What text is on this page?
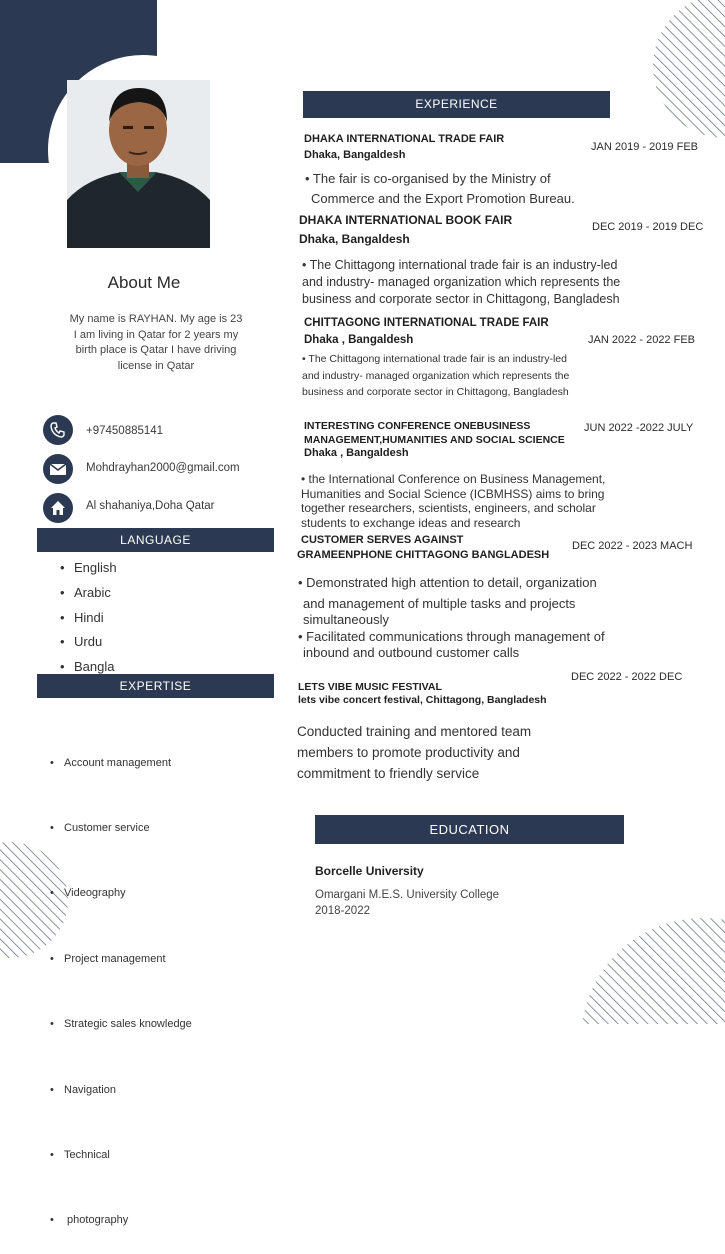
About Me
My name is RAYHAN. My age is 23
I am living in Qatar for 2 years my
birth place is Qatar I have driving
license in Qatar
+97450885141
Mohdrayhan2000@gmail.com
Al shahaniya,Doha Qatar
LANGUAGE
• English
• Arabic
• Hindi
• Urdu
• Bangla
EXPERTISE

• Account management

• Customer service

• Videography

• Project management

• Strategic sales knowledge

• Navigation

• Technical

•  photography

EXPERIENCE
DHAKA INTERNATIONAL TRADE FAIR
Dhaka, Bangaldesh
JAN 2019 - 2019 FEB
• The fair is co-organised by the Ministry of
Commerce and the Export Promotion Bureau.
DHAKA INTERNATIONAL BOOK FAIR
Dhaka, Bangaldesh
DEC 2019 - 2019 DEC
• The Chittagong international trade fair is an industry-led
and industry- managed organization which represents the
business and corporate sector in Chittagong, Bangladesh
CHITTAGONG INTERNATIONAL TRADE FAIR
Dhaka , Bangaldesh	JAN 2022 - 2022 FEB
• The Chittagong international trade fair is an industry-led
and industry- managed organization which represents the
business and corporate sector in Chittagong, Bangladesh
INTERESTING CONFERENCE ONEBUSINESS
MANAGEMENT,HUMANITIES AND SOCIAL SCIENCE
Dhaka , Bangaldesh
JUN 2022 -2022 JULY
• the International Conference on Business Management,
Humanities and Social Science (ICBMHSS) aims to bring
together researchers, scientists, engineers, and scholar
students to exchange ideas and research
CUSTOMER SERVES AGAINST
GRAMEENPHONE CHITTAGONG BANGLADESH
DEC 2022 - 2023 MACH
• Demonstrated high attention to detail, organization
and management of multiple tasks and projects
simultaneously
• Facilitated communications through management of
inbound and outbound customer calls
LETS VIBE MUSIC FESTIVAL
lets vibe concert festival, Chittagong, Bangladesh
DEC 2022 - 2022 DEC
Conducted training and mentored team
members to promote productivity and
commitment to friendly service
EDUCATION
Borcelle University
Omargani M.E.S. University College
2018-2022
